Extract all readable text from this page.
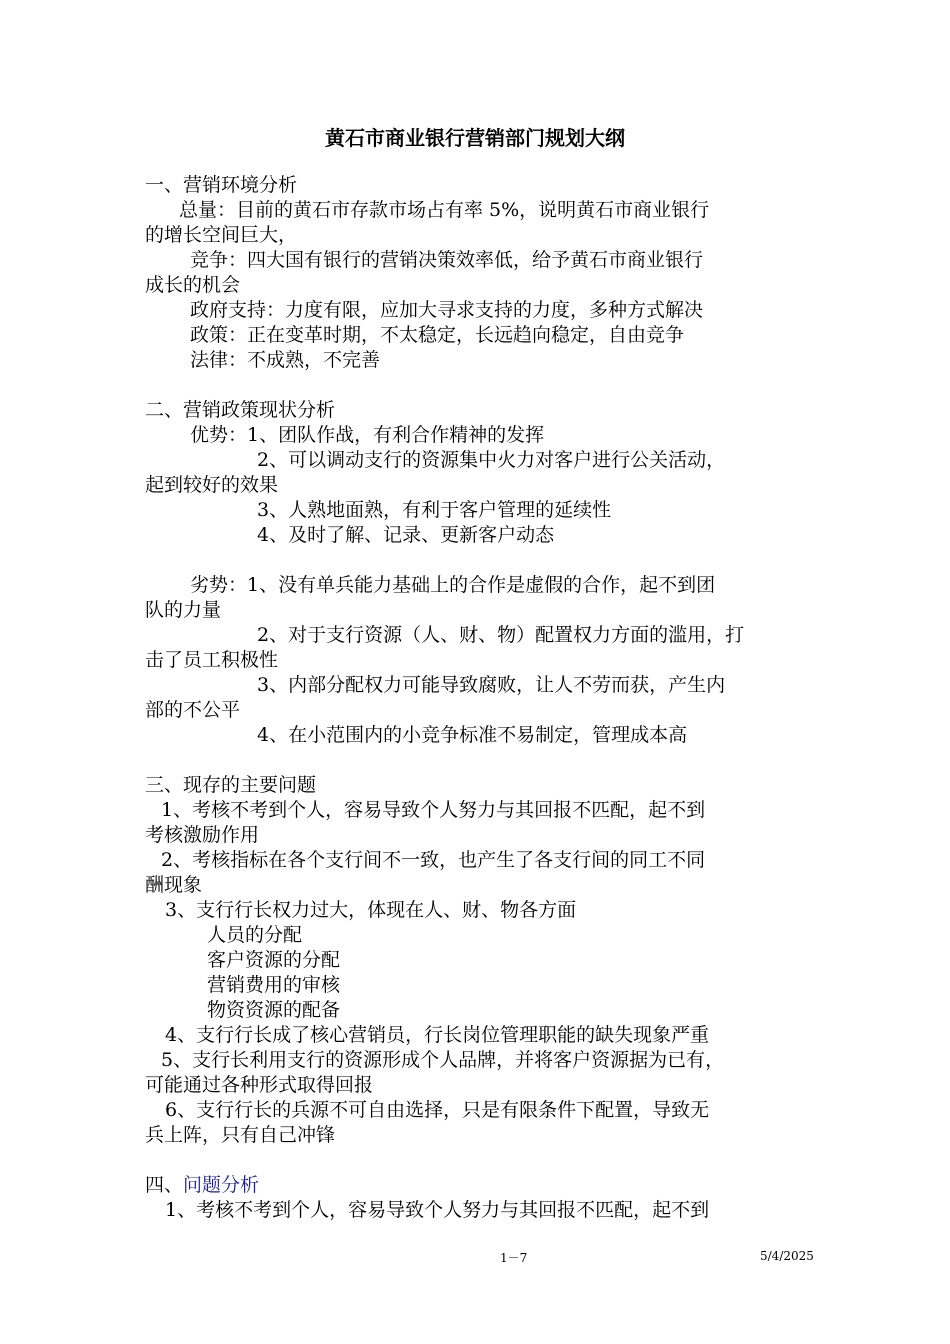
黄石市商业银行营销部门规划大纲
一、营销环境分析
总量：目前的黄石市存款市场占有率 5%，说明黄石市商业银行
的增长空间巨大，
竞争：四大国有银行的营销决策效率低，给予黄石市商业银行
成长的机会
政府支持：力度有限，应加大寻求支持的力度，多种方式解决
政策：正在变革时期，不太稳定，长远趋向稳定，自由竞争
法律：不成熟，不完善
二、营销政策现状分析
优势：1、团队作战，有利合作精神的发挥
2、可以调动支行的资源集中火力对客户进行公关活动，
起到较好的效果
3、人熟地面熟，有利于客户管理的延续性
4、及时了解、记录、更新客户动态
劣势：1、没有单兵能力基础上的合作是虚假的合作，起不到团
队的力量
2、对于支行资源（人、财、物）配置权力方面的滥用，打
击了员工积极性
3、内部分配权力可能导致腐败，让人不劳而获，产生内
部的不公平
4、在小范围内的小竞争标准不易制定，管理成本高
三、现存的主要问题
1、考核不考到个人，容易导致个人努力与其回报不匹配，起不到
考核激励作用
2、考核指标在各个支行间不一致，也产生了各支行间的同工不同
酬现象
3、支行行长权力过大，体现在人、财、物各方面
人员的分配
客户资源的分配
营销费用的审核
物资资源的配备
4、支行行长成了核心营销员，行长岗位管理职能的缺失现象严重
5、支行长利用支行的资源形成个人品牌，并将客户资源据为已有，
可能通过各种形式取得回报
6、支行行长的兵源不可自由选择，只是有限条件下配置，导致无
兵上阵，只有自己冲锋
四、问题分析
1、考核不考到个人，容易导致个人努力与其回报不匹配，起不到
1－7	5/4/2025
